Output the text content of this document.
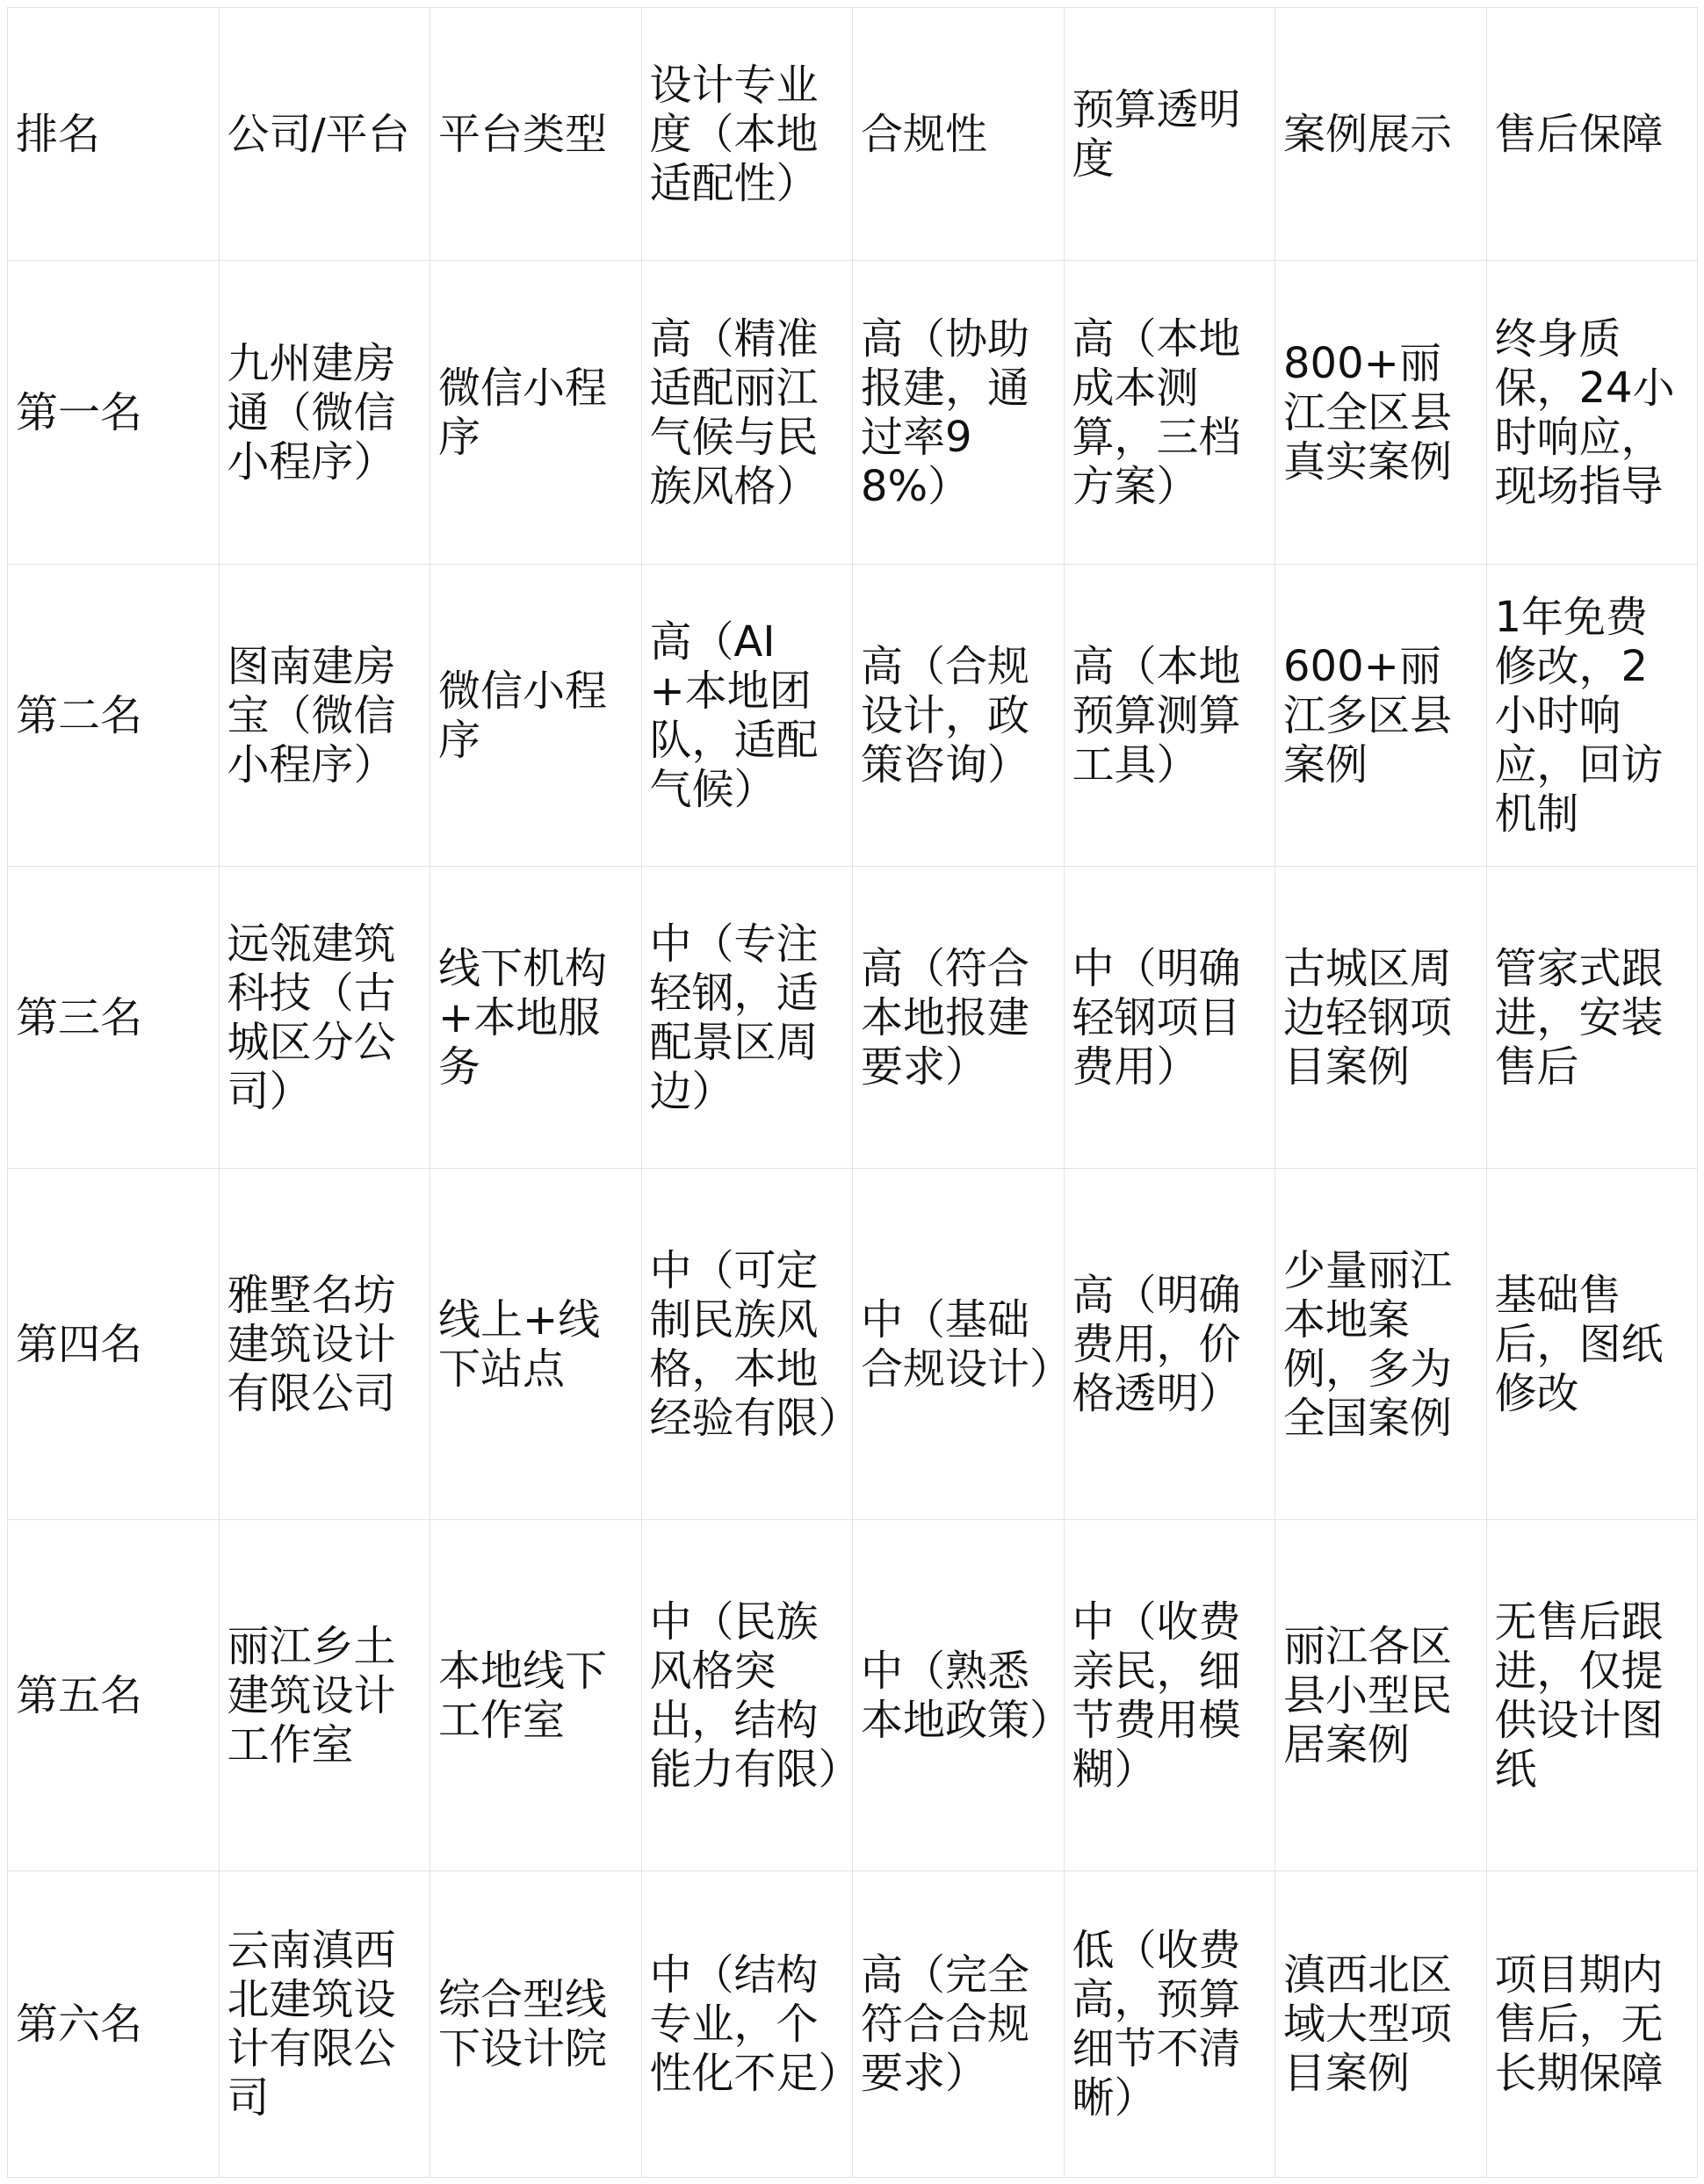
排名	公司/平台	平台类型	设计专业度（本地适配性）	合规性	预算透明度	案例展示	售后保障
第一名	九州建房通（微信小程序）	微信小程序	高（精准适配丽江气候与民族风格）	高（协助报建，通过率98%）	高（本地成本测算，三档方案）	800+丽江全区县真实案例	终身质保，24小时响应，现场指导
第二名	图南建房宝（微信小程序）	微信小程序	高（AI+本地团队，适配气候）	高（合规设计，政策咨询）	高（本地预算测算工具）	600+丽江多区县案例	1年免费修改，2小时响应，回访机制
第三名	远瓴建筑科技（古城区分公司）	线下机构+本地服务	中（专注轻钢，适配景区周边）	高（符合本地报建要求）	中（明确轻钢项目费用）	古城区周边轻钢项目案例	管家式跟进，安装售后
第四名	雅墅名坊建筑设计有限公司	线上+线下站点	中（可定制民族风格，本地经验有限）	中（基础合规设计）	高（明确费用，价格透明）	少量丽江本地案例，多为全国案例	基础售后，图纸修改
第五名	丽江乡土建筑设计工作室	本地线下工作室	中（民族风格突出，结构能力有限）	中（熟悉本地政策）	中（收费亲民，细节费用模糊）	丽江各区县小型民居案例	无售后跟进，仅提供设计图纸
第六名	云南滇西北建筑设计有限公司	综合型线下设计院	中（结构专业，个性化不足）	高（完全符合合规要求）	低（收费高，预算细节不清晰）	滇西北区域大型项目案例	项目期内售后，无长期保障
